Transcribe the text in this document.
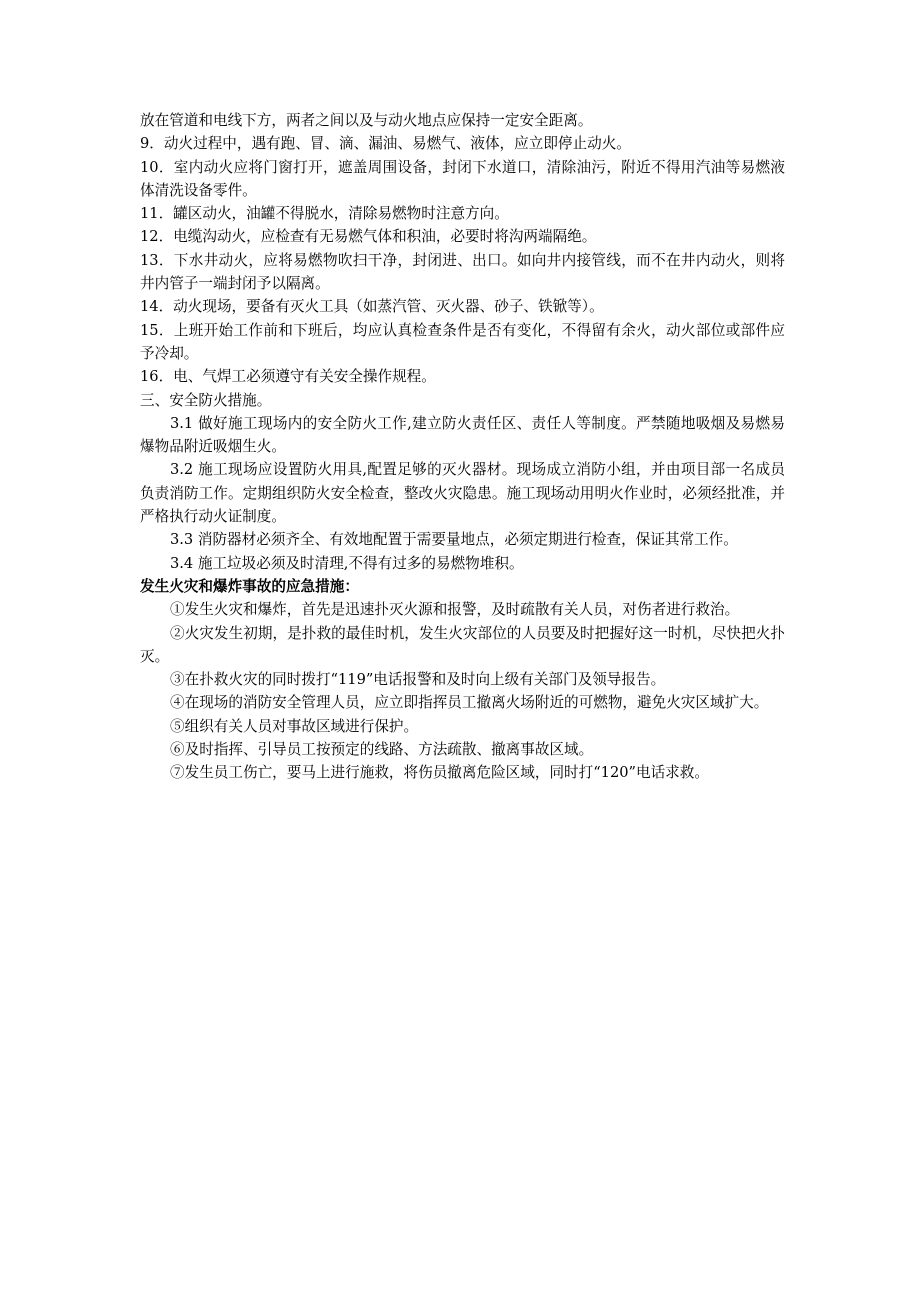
放在管道和电线下方，两者之间以及与动火地点应保持一定安全距离。

9．动火过程中，遇有跑、冒、滴、漏油、易燃气、液体，应立即停止动火。

10．室内动火应将门窗打开，遮盖周围设备，封闭下水道口，清除油污，附近不得用汽油等易燃液体清洗设备零件。

11．罐区动火，油罐不得脱水，清除易燃物时注意方向。

12．电缆沟动火，应检查有无易燃气体和积油，必要时将沟两端隔绝。

13．下水井动火，应将易燃物吹扫干净，封闭进、出口。如向井内接管线，而不在井内动火，则将井内管子一端封闭予以隔离。

14．动火现场，要备有灭火工具（如蒸汽管、灭火器、砂子、铁锨等）。

15．上班开始工作前和下班后，均应认真检查条件是否有变化，不得留有余火，动火部位或部件应予冷却。

16．电、气焊工必须遵守有关安全操作规程。

三、安全防火措施。

3.1 做好施工现场内的安全防火工作,建立防火责任区、责任人等制度。严禁随地吸烟及易燃易爆物品附近吸烟生火。

3.2 施工现场应设置防火用具,配置足够的灭火器材。现场成立消防小组，并由项目部一名成员负责消防工作。定期组织防火安全检查，整改火灾隐患。施工现场动用明火作业时，必须经批准，并严格执行动火证制度。

3.3 消防器材必须齐全、有效地配置于需要量地点，必须定期进行检查，保证其常工作。

3.4 施工垃圾必须及时清理,不得有过多的易燃物堆积。

发生火灾和爆炸事故的应急措施：

①发生火灾和爆炸，首先是迅速扑灭火源和报警，及时疏散有关人员，对伤者进行救治。

②火灾发生初期，是扑救的最佳时机，发生火灾部位的人员要及时把握好这一时机，尽快把火扑灭。

③在扑救火灾的同时拨打“119”电话报警和及时向上级有关部门及领导报告。

④在现场的消防安全管理人员，应立即指挥员工撤离火场附近的可燃物，避免火灾区域扩大。

⑤组织有关人员对事故区域进行保护。

⑥及时指挥、引导员工按预定的线路、方法疏散、撤离事故区域。

⑦发生员工伤亡，要马上进行施救，将伤员撤离危险区域，同时打“120”电话求救。
